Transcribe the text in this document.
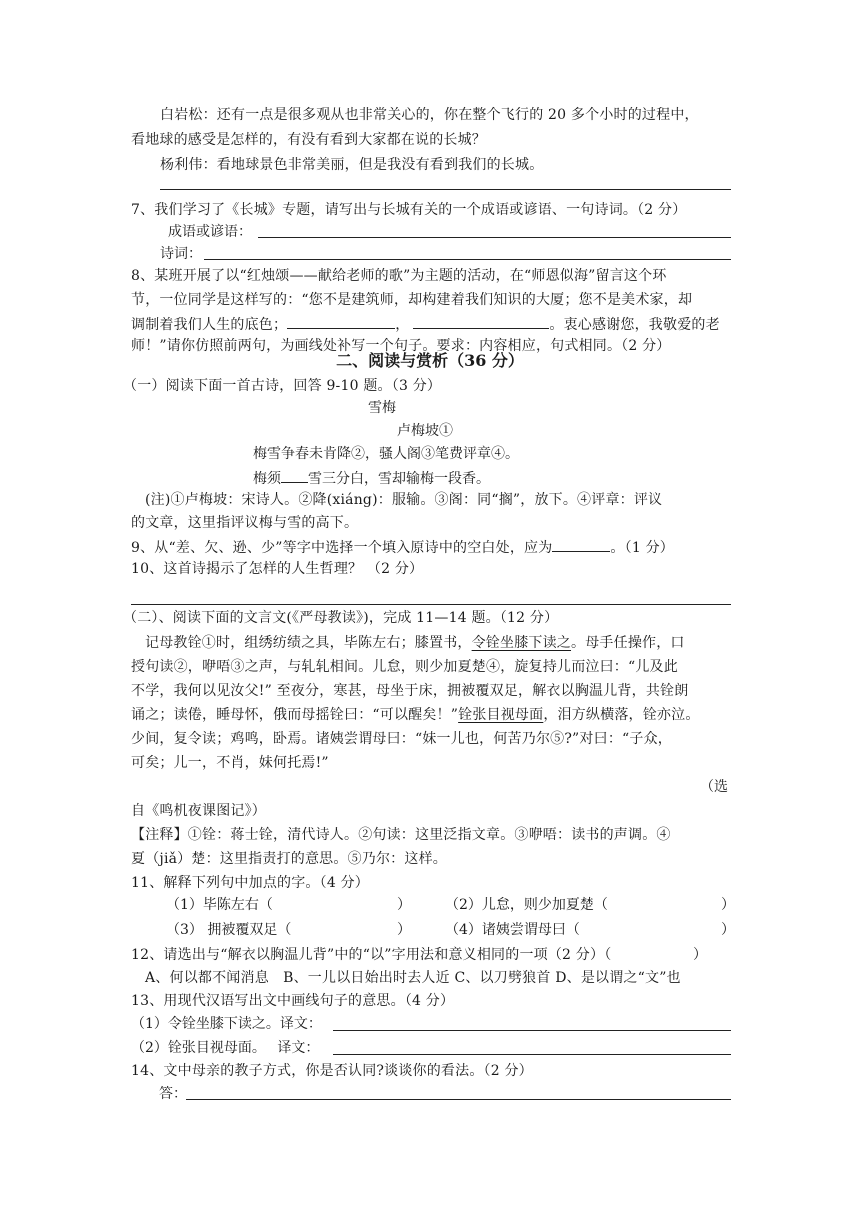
白岩松：还有一点是很多观从也非常关心的，你在整个飞行的 20 多个小时的过程中，
看地球的感受是怎样的，有没有看到大家都在说的长城？
杨利伟：看地球景色非常美丽，但是我没有看到我们的长城。
7、我们学习了《长城》专题，请写出与长城有关的一个成语或谚语、一句诗词。（2 分）
成语或谚语：
诗词：
8、某班开展了以“红烛颂——献给老师的歌”为主题的活动，在“师恩似海”留言这个环
节，一位同学是这样写的：“您不是建筑师，却构建着我们知识的大厦；您不是美术家，却
调制着我们人生的底色；	，	。衷心感谢您，我敬爱的老
师！”请你仿照前两句，为画线处补写一个句子。要求：内容相应，句式相同。（2 分）
二、阅读与赏析（36 分）
（一）阅读下面一首古诗，回答 9-10 题。（3 分）
雪梅
卢梅坡①
梅雪争春未肯降②，骚人阁③笔费评章④。
梅须 雪三分白，雪却输梅一段香。
(注)①卢梅坡：宋诗人。②降(xiáng)：服输。③阁：同“搁”，放下。④评章：评议
的文章，这里指评议梅与雪的高下。
9、从“差、欠、逊、少”等字中选择一个填入原诗中的空白处，应为	。（1 分）
10、这首诗揭示了怎样的人生哲理？ （2 分）
（二）、阅读下面的文言文(《严母教读》)，完成 11—14 题。（12 分）
记母教铨①时，组绣纺绩之具，毕陈左右；膝置书，令铨坐膝下读之。母手任操作，口
授句读②，咿唔③之声，与轧轧相间。儿怠，则少加夏楚④，旋复持儿而泣曰：“儿及此
不学，我何以见汝父!” 至夜分，寒甚，母坐于床，拥被覆双足，解衣以胸温儿背，共铨朗
诵之；读倦，睡母怀，俄而母摇铨曰：“可以醒矣！”铨张目视母面，泪方纵横落，铨亦泣。
少间，复令读；鸡鸣，卧焉。诸姨尝谓母曰：“妹一儿也，何苦乃尔⑤?”对曰：“子众，
可矣；儿一，不肖，妹何托焉!”
（选
自《鸣机夜课图记》）
【注释】①铨：蒋士铨，清代诗人。②句读：这里泛指文章。③咿唔：读书的声调。④
夏（jiǎ）楚：这里指责打的意思。⑤乃尔：这样。
11、解释下列句中加点的字。（4 分）
（1）毕陈左右（	） （2）儿怠，则少加夏楚（	）
（3） 拥被覆双足（	） （4）诸姨尝谓母曰（	）
12、请选出与“解衣以胸温儿背”中的“以”字用法和意义相同的一项（2 分）（	）
A、何以都不闻消息　B、一儿以日始出时去人近 C、以刀劈狼首 D、是以谓之“文”也
13、用现代汉语写出文中画线句子的意思。（4 分）
（1）令铨坐膝下读之。译文：
（2）铨张目视母面。　 译文：
14、文中母亲的教子方式，你是否认同?谈谈你的看法。（2 分）
答：
